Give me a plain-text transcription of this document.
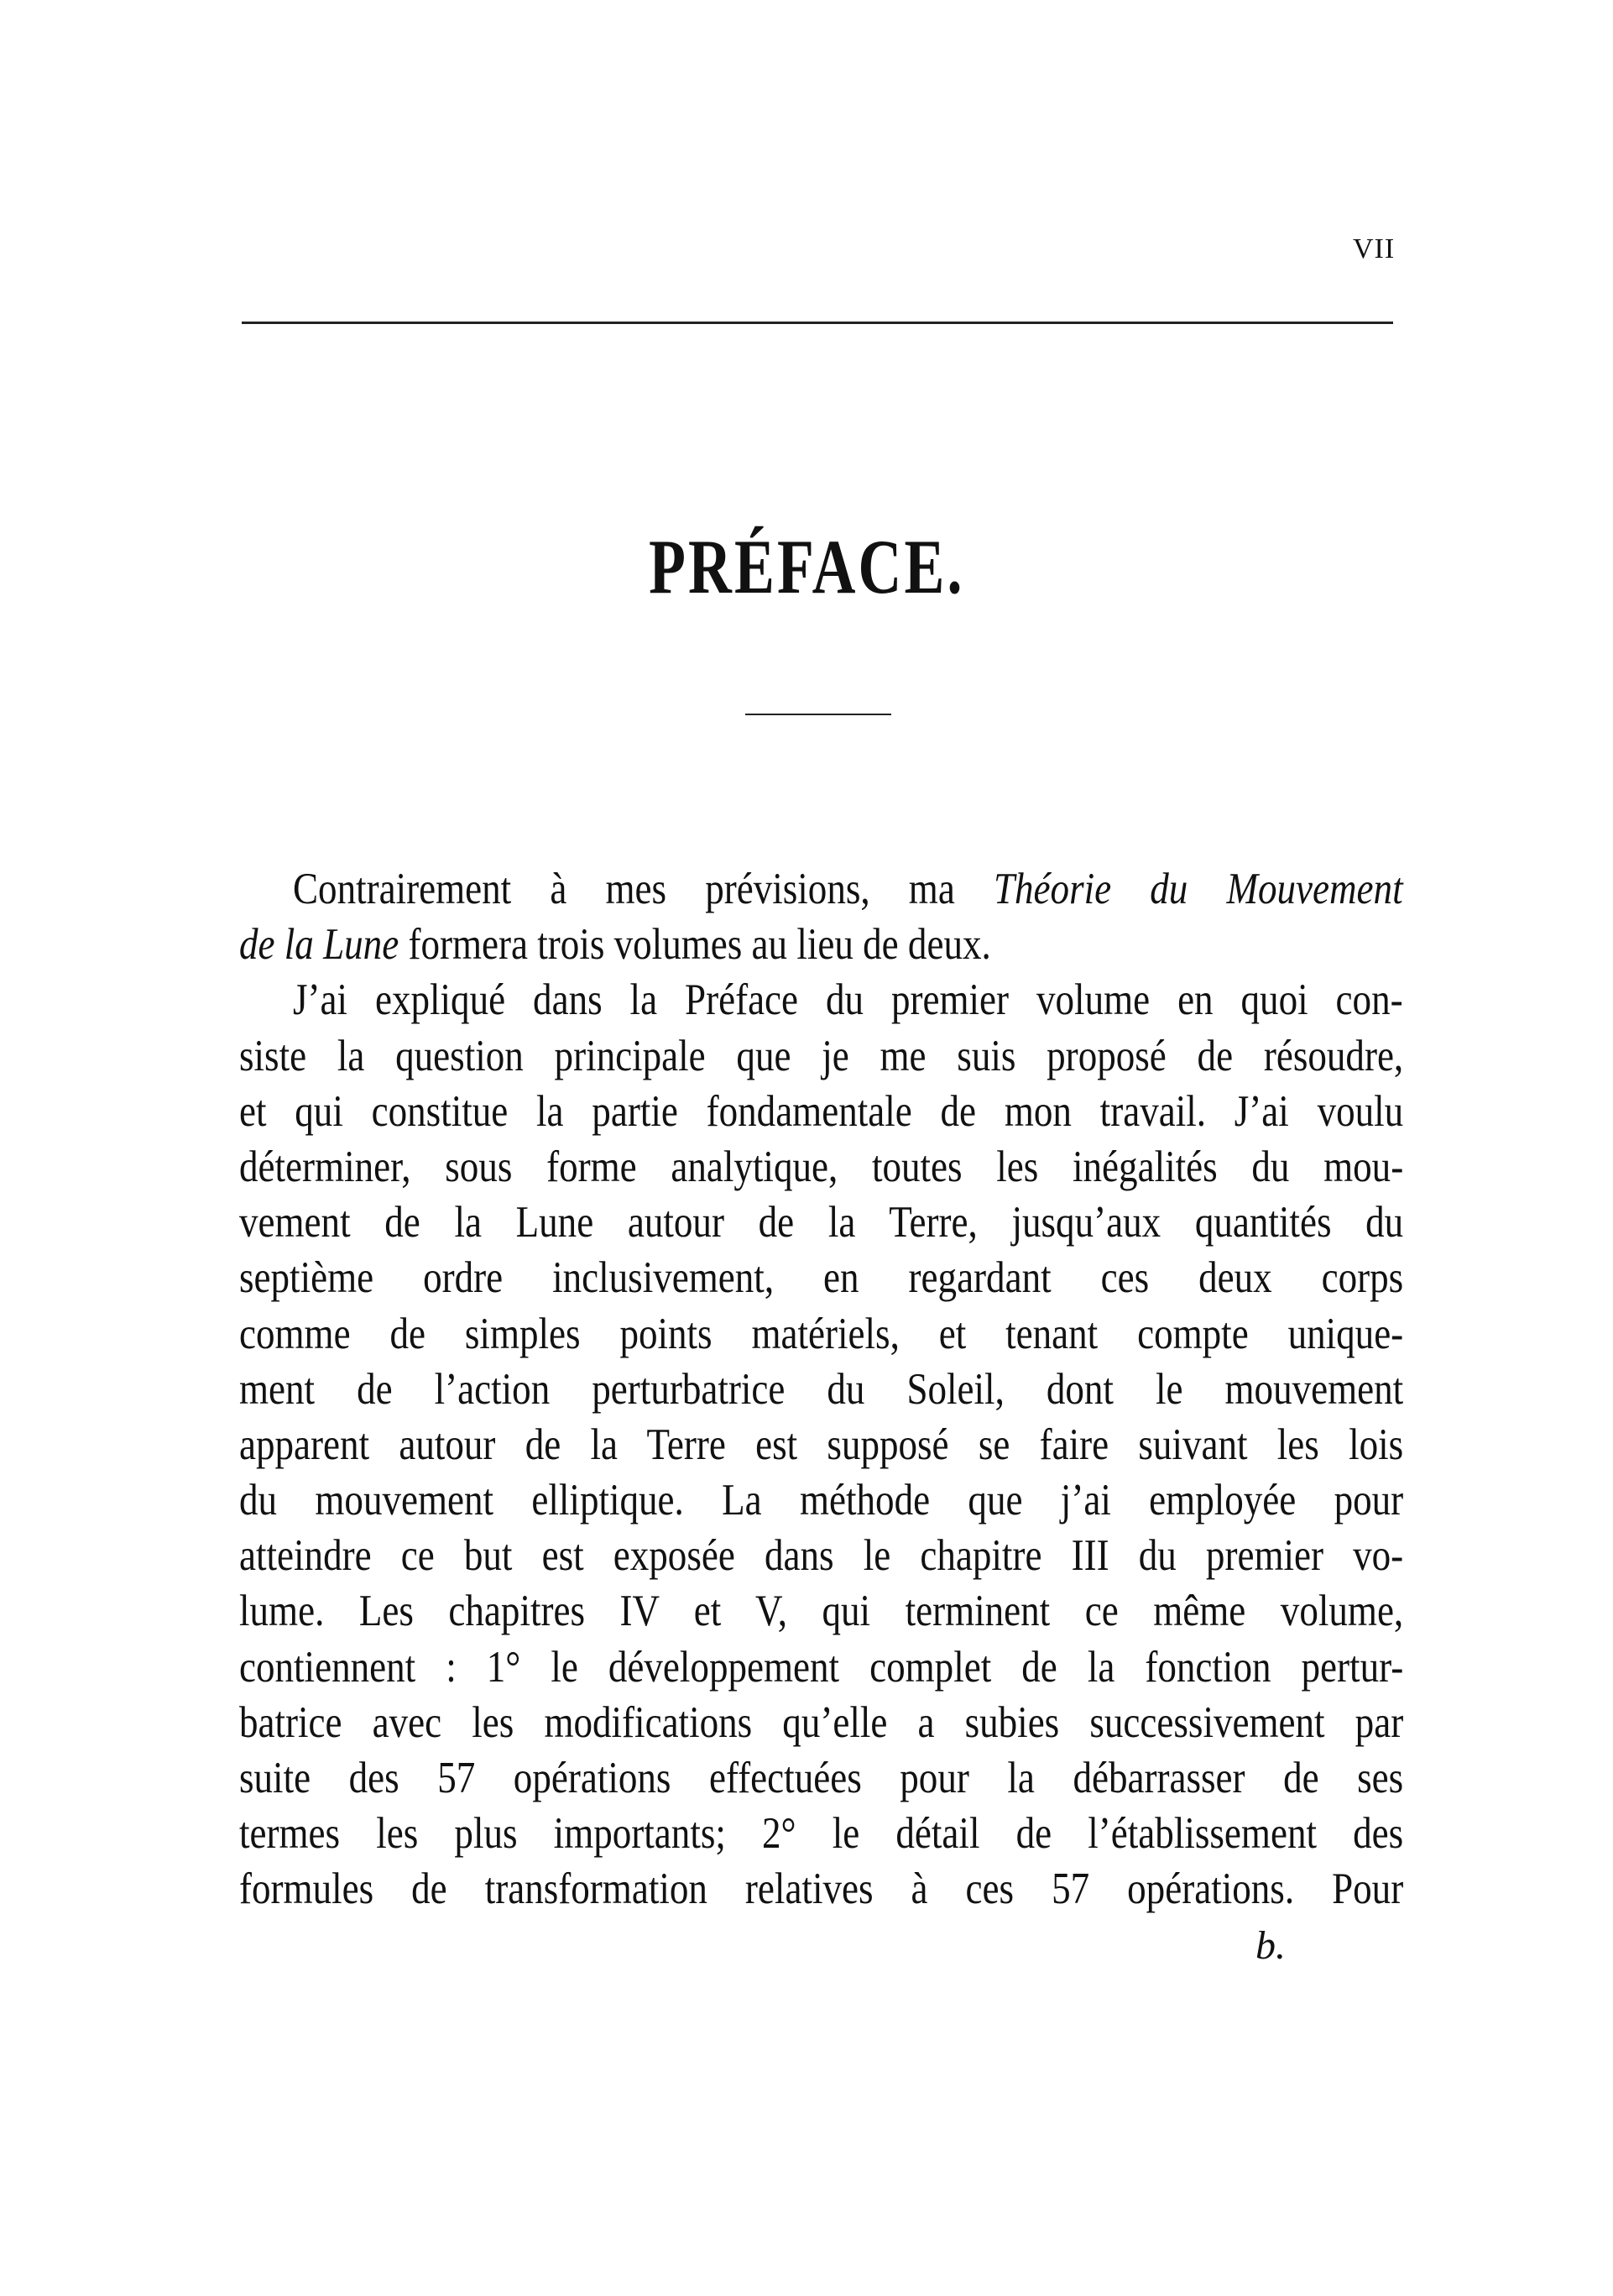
VII
PRÉFACE.
Contrairement à mes prévisions, ma Théorie du Mouvement
de la Lune formera trois volumes au lieu de deux.
J’ai expliqué dans la Préface du premier volume en quoi con-
siste la question principale que je me suis proposé de résoudre,
et qui constitue la partie fondamentale de mon travail. J’ai voulu
déterminer, sous forme analytique, toutes les inégalités du mou-
vement de la Lune autour de la Terre, jusqu’aux quantités du
septième ordre inclusivement, en regardant ces deux corps
comme de simples points matériels, et tenant compte unique-
ment de l’action perturbatrice du Soleil, dont le mouvement
apparent autour de la Terre est supposé se faire suivant les lois
du mouvement elliptique. La méthode que j’ai employée pour
atteindre ce but est exposée dans le chapitre III du premier vo-
lume. Les chapitres IV et V, qui terminent ce même volume,
contiennent : 1° le développement complet de la fonction pertur-
batrice avec les modifications qu’elle a subies successivement par
suite des 57 opérations effectuées pour la débarrasser de ses
termes les plus importants; 2° le détail de l’établissement des
formules de transformation relatives à ces 57 opérations. Pour
b.
